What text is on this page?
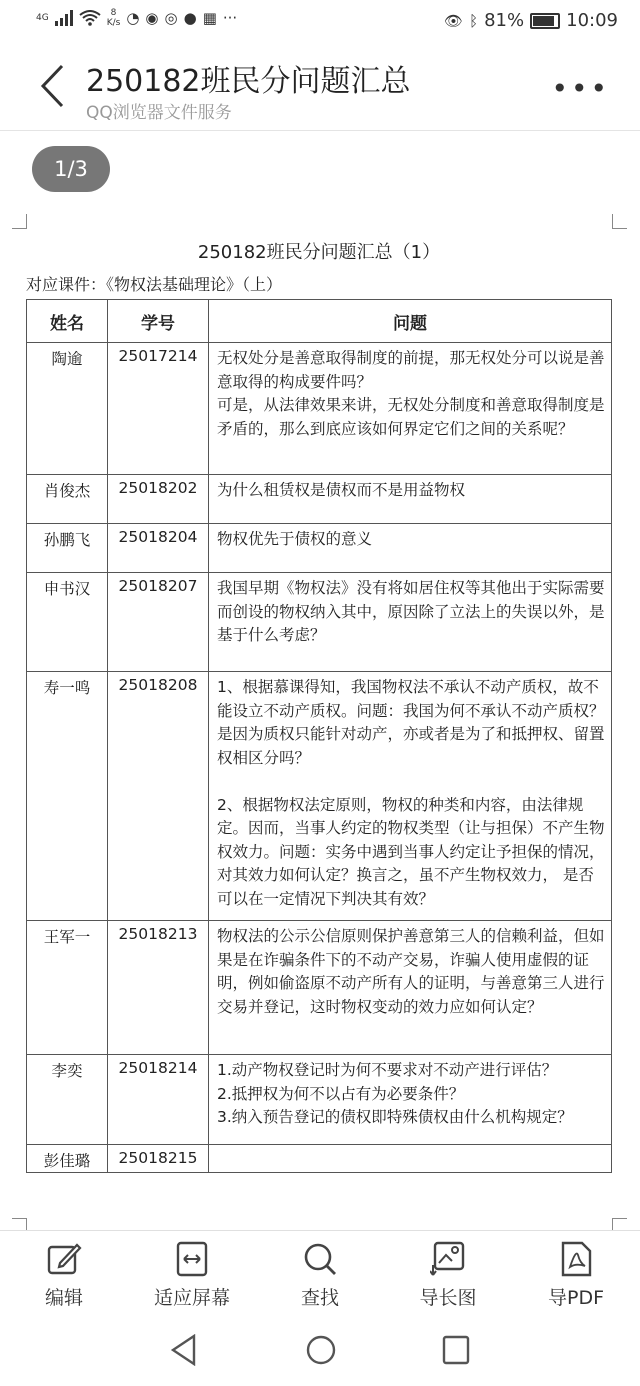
4G	8
K/s ◔ ◉ ◎ ● ▦ ···	👁 ᛒ 81% 10:09
250182班民分问题汇总
QQ浏览器文件服务
•••
1/3
250182班民分问题汇总（1）
对应课件：《物权法基础理论》（上）
姓名	学号	问题
陶逾	25017214	无权处分是善意取得制度的前提，那无权处分可以说是善意取得的构成要件吗？
可是，从法律效果来讲，无权处分制度和善意取得制度是矛盾的，那么到底应该如何界定它们之间的关系呢？
肖俊杰	25018202	为什么租赁权是债权而不是用益物权
孙鹏飞	25018204	物权优先于债权的意义
申书汉	25018207	我国早期《物权法》没有将如居住权等其他出于实际需要而创设的物权纳入其中，原因除了立法上的失误以外，是基于什么考虑？
寿一鸣	25018208	1、根据慕课得知，我国物权法不承认不动产质权，故不能设立不动产质权。问题：我国为何不承认不动产质权？是因为质权只能针对动产，亦或者是为了和抵押权、留置权相区分吗？

2、根据物权法定原则，物权的种类和内容，由法律规定。因而，当事人约定的物权类型（让与担保）不产生物权效力。问题：实务中遇到当事人约定让予担保的情况，对其效力如何认定？换言之，虽不产生物权效力， 是否可以在一定情况下判决其有效？
王军一	25018213	物权法的公示公信原则保护善意第三人的信赖利益，但如果是在诈骗条件下的不动产交易，诈骗人使用虚假的证明，例如偷盗原不动产所有人的证明，与善意第三人进行交易并登记，这时物权变动的效力应如何认定？
李奕	25018214	1.动产物权登记时为何不要求对不动产进行评估？
2.抵押权为何不以占有为必要条件？
3.纳入预告登记的债权即特殊债权由什么机构规定？
彭佳璐	25018215	
编辑	适应屏幕	查找	导长图	导PDF
